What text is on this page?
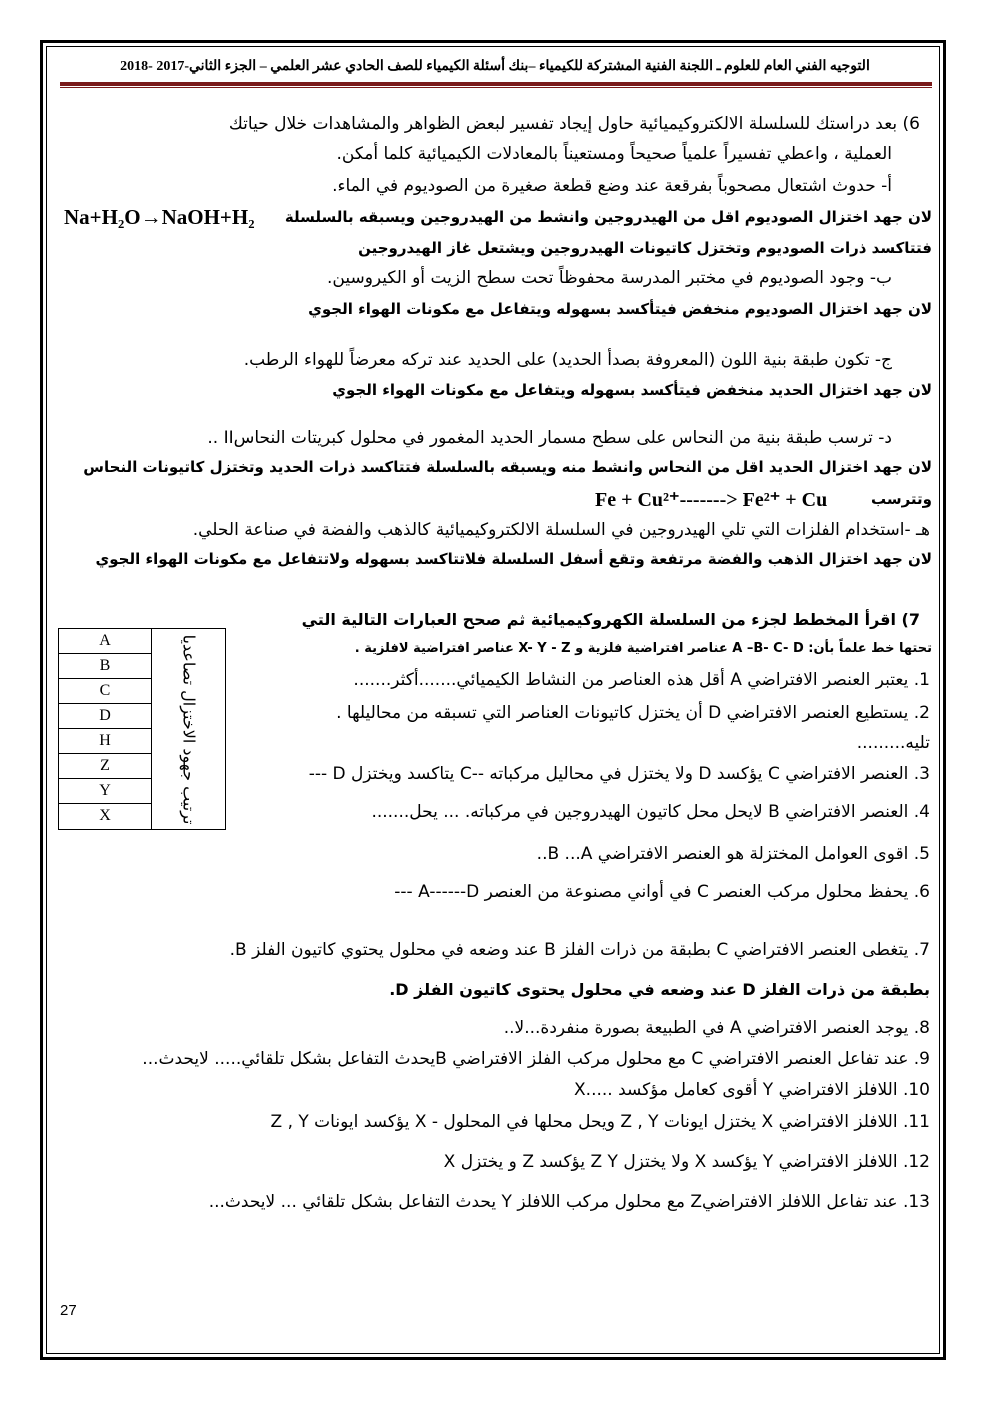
التوجيه الفني العام للعلوم ـ اللجنة الفنية المشتركة للكيمياء –بنك أسئلة الكيمياء للصف الحادي عشر العلمي – الجزء الثاني-2017 -2018
6) بعد دراستك للسلسلة الالكتروكيميائية حاول إيجاد تفسير لبعض الظواهر والمشاهدات خلال حياتك
العملية ، واعطي تفسيراً علمياً صحيحاً ومستعيناً بالمعادلات الكيميائية كلما أمكن.
أ- حدوث اشتعال مصحوباً بفرقعة عند وضع قطعة صغيرة من الصوديوم في الماء.
لان جهد اختزال الصوديوم اقل من الهيدروجين وانشط من الهيدروجين ويسبقه بالسلسلة
Na+H₂O→NaOH+H₂
فتتاكسد ذرات الصوديوم وتختزل كاتيونات الهيدروجين ويشتعل غاز الهيدروجين
ب- وجود الصوديوم في مختبر المدرسة محفوظاً تحت سطح الزيت أو الكيروسين.
لان جهد اختزال الصوديوم منخفض فيتأكسد بسهوله ويتفاعل مع مكونات الهواء الجوي
ج- تكون طبقة بنية اللون (المعروفة بصدأ الحديد) على الحديد عند تركه معرضاً للهواء الرطب.
لان جهد اختزال الحديد منخفض فيتأكسد بسهوله ويتفاعل مع مكونات الهواء الجوي
د- ترسب طبقة بنية من النحاس على سطح مسمار الحديد المغمور في محلول كبريتات النحاسII ..
لان جهد اختزال الحديد اقل من النحاس وانشط منه ويسبقه بالسلسلة فتتاكسد ذرات الحديد وتختزل كاتيونات النحاس
وتترسب
Fe + Cu²⁺-------> Fe²⁺ + Cu
هـ -استخدام الفلزات التي تلي الهيدروجين في السلسلة الالكتروكيميائية كالذهب والفضة في صناعة الحلي.
لان جهد اختزال الذهب والفضة مرتفعة وتقع أسفل السلسلة فلاتتاكسد بسهوله ولاتتفاعل مع مكونات الهواء الجوي
7) اقرأ المخطط لجزء من السلسلة الكهروكيميائية ثم صحح العبارات التالية التي
تحتها خط علماً بأن: A –B- C- D عناصر افتراضية فلزية و X- Y - Z عناصر افتراضية لافلزية .
A
B
C
D
H
Z
Y
X	ترتيب جهود الاختزال تصاعديا	1. يعتبر العنصر الافتراضي A أقل هذه العناصر من النشاط الكيميائي.......أكثر.......
2. يستطيع العنصر الافتراضي D أن يختزل كاتيونات العناصر التي تسبقه من محاليلها .
تليه.........
3. العنصر الافتراضي C يؤكسد D ولا يختزل في محاليل مركباته --C يتاكسد ويختزل D ---
4. العنصر الافتراضي B لايحل محل كاتيون الهيدروجين في مركباته. ... يحل.......
5. اقوى العوامل المختزلة هو العنصر الافتراضي B ...A..
6. يحفظ محلول مركب العنصر C في أواني مصنوعة من العنصر A------D ---
7. يتغطى العنصر الافتراضي C بطبقة من ذرات الفلز B عند وضعه في محلول يحتوي كاتيون الفلز B.
بطبقة من ذرات الفلز D عند وضعه في محلول يحتوى كاتيون الفلز D.
8. يوجد العنصر الافتراضي A في الطبيعة بصورة منفردة...لا..
9. عند تفاعل العنصر الافتراضي C مع محلول مركب الفلز الافتراضي Bيحدث التفاعل بشكل تلقائي..... لايحدث...
10. اللافلز الافتراضي Y أقوى كعامل مؤكسد .....X
11. اللافلز الافتراضي X يختزل ايونات Z , Y ويحل محلها في المحلول - X يؤكسد ايونات Z , Y
12. اللافلز الافتراضي Y يؤكسد X ولا يختزل Z Y يؤكسد Z و يختزل X
13. عند تفاعل اللافلز الافتراضيZ مع محلول مركب اللافلز Y يحدث التفاعل بشكل تلقائي ... لايحدث...
27
